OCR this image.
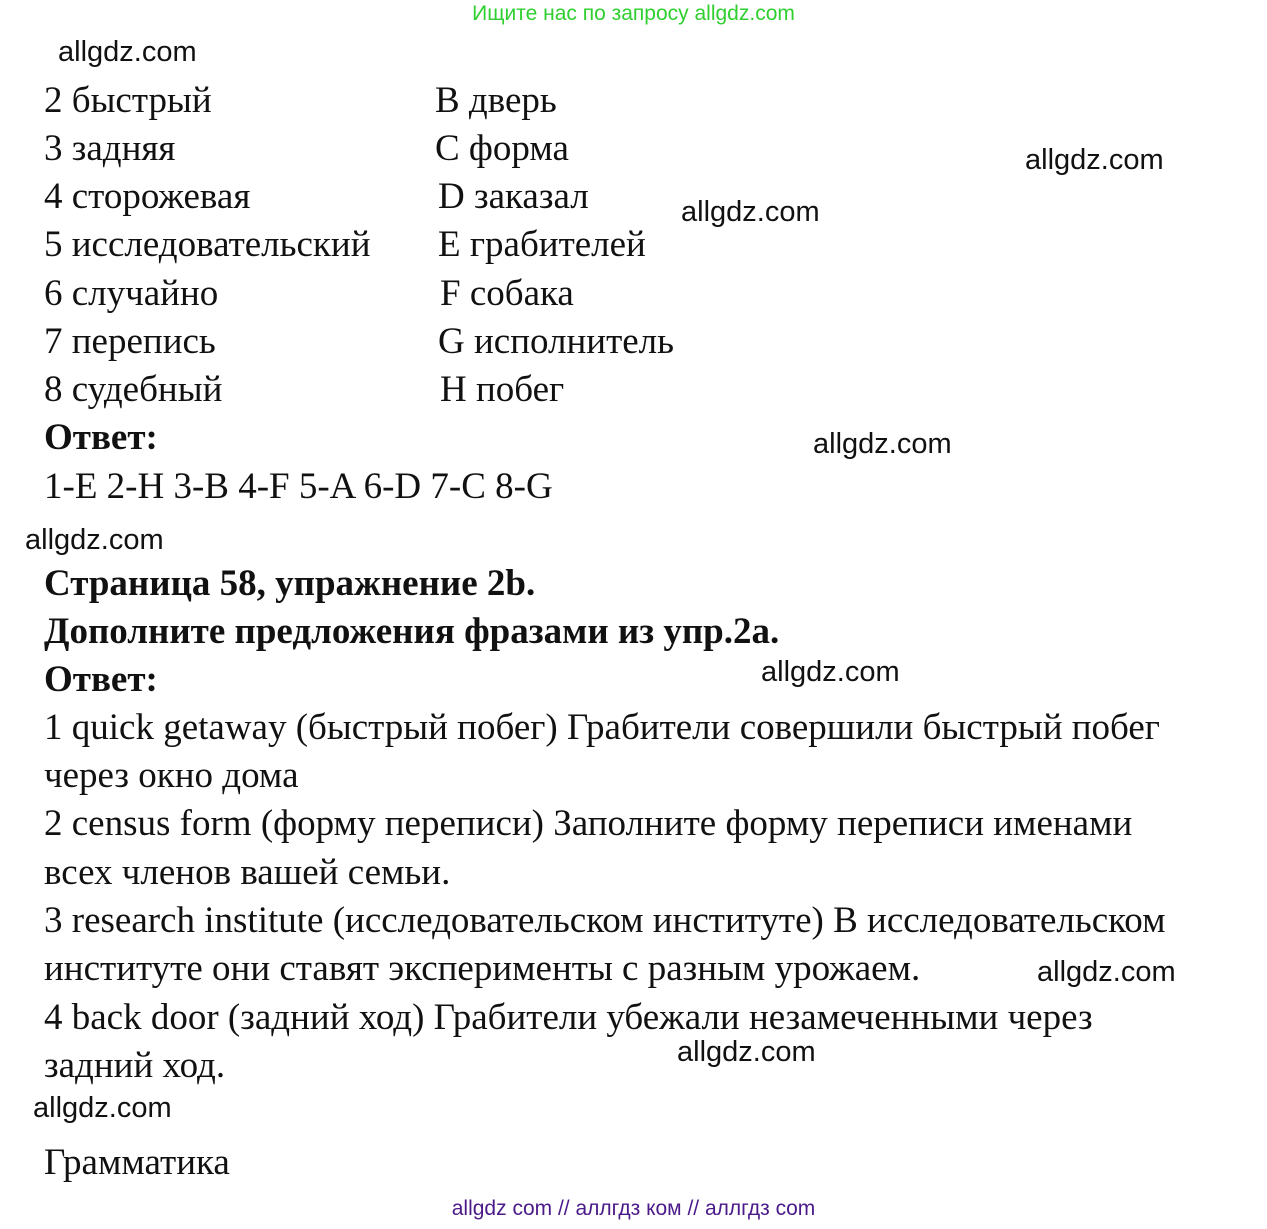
Ищите нас по запросу allgdz.com
allgdz.com
allgdz.com
allgdz.com
allgdz.com
allgdz.com
allgdz.com
allgdz.com
allgdz.com
allgdz.com
2 быстрый
3 задняя
4 сторожевая
5 исследовательский
6 случайно
7 перепись
8 судебный
B дверь
C форма
D заказал
E грабителей
F собака
G исполнитель
H побег
Ответ:
1-E 2-H 3-B 4-F 5-A 6-D 7-C 8-G
Страница 58, упражнение 2b.
Дополните предложения фразами из упр.2а.
Ответ:
1 quick getaway (быстрый побег) Грабители совершили быстрый побег
через окно дома
2 census form (форму переписи) Заполните форму переписи именами
всех членов вашей семьи.
3 research institute (исследовательском институте) В исследовательском
институте они ставят эксперименты с разным урожаем.
4 back door (задний ход) Грабители убежали незамеченными через
задний ход.
Грамматика
allgdz com // аллгдз ком // аллгдз com
